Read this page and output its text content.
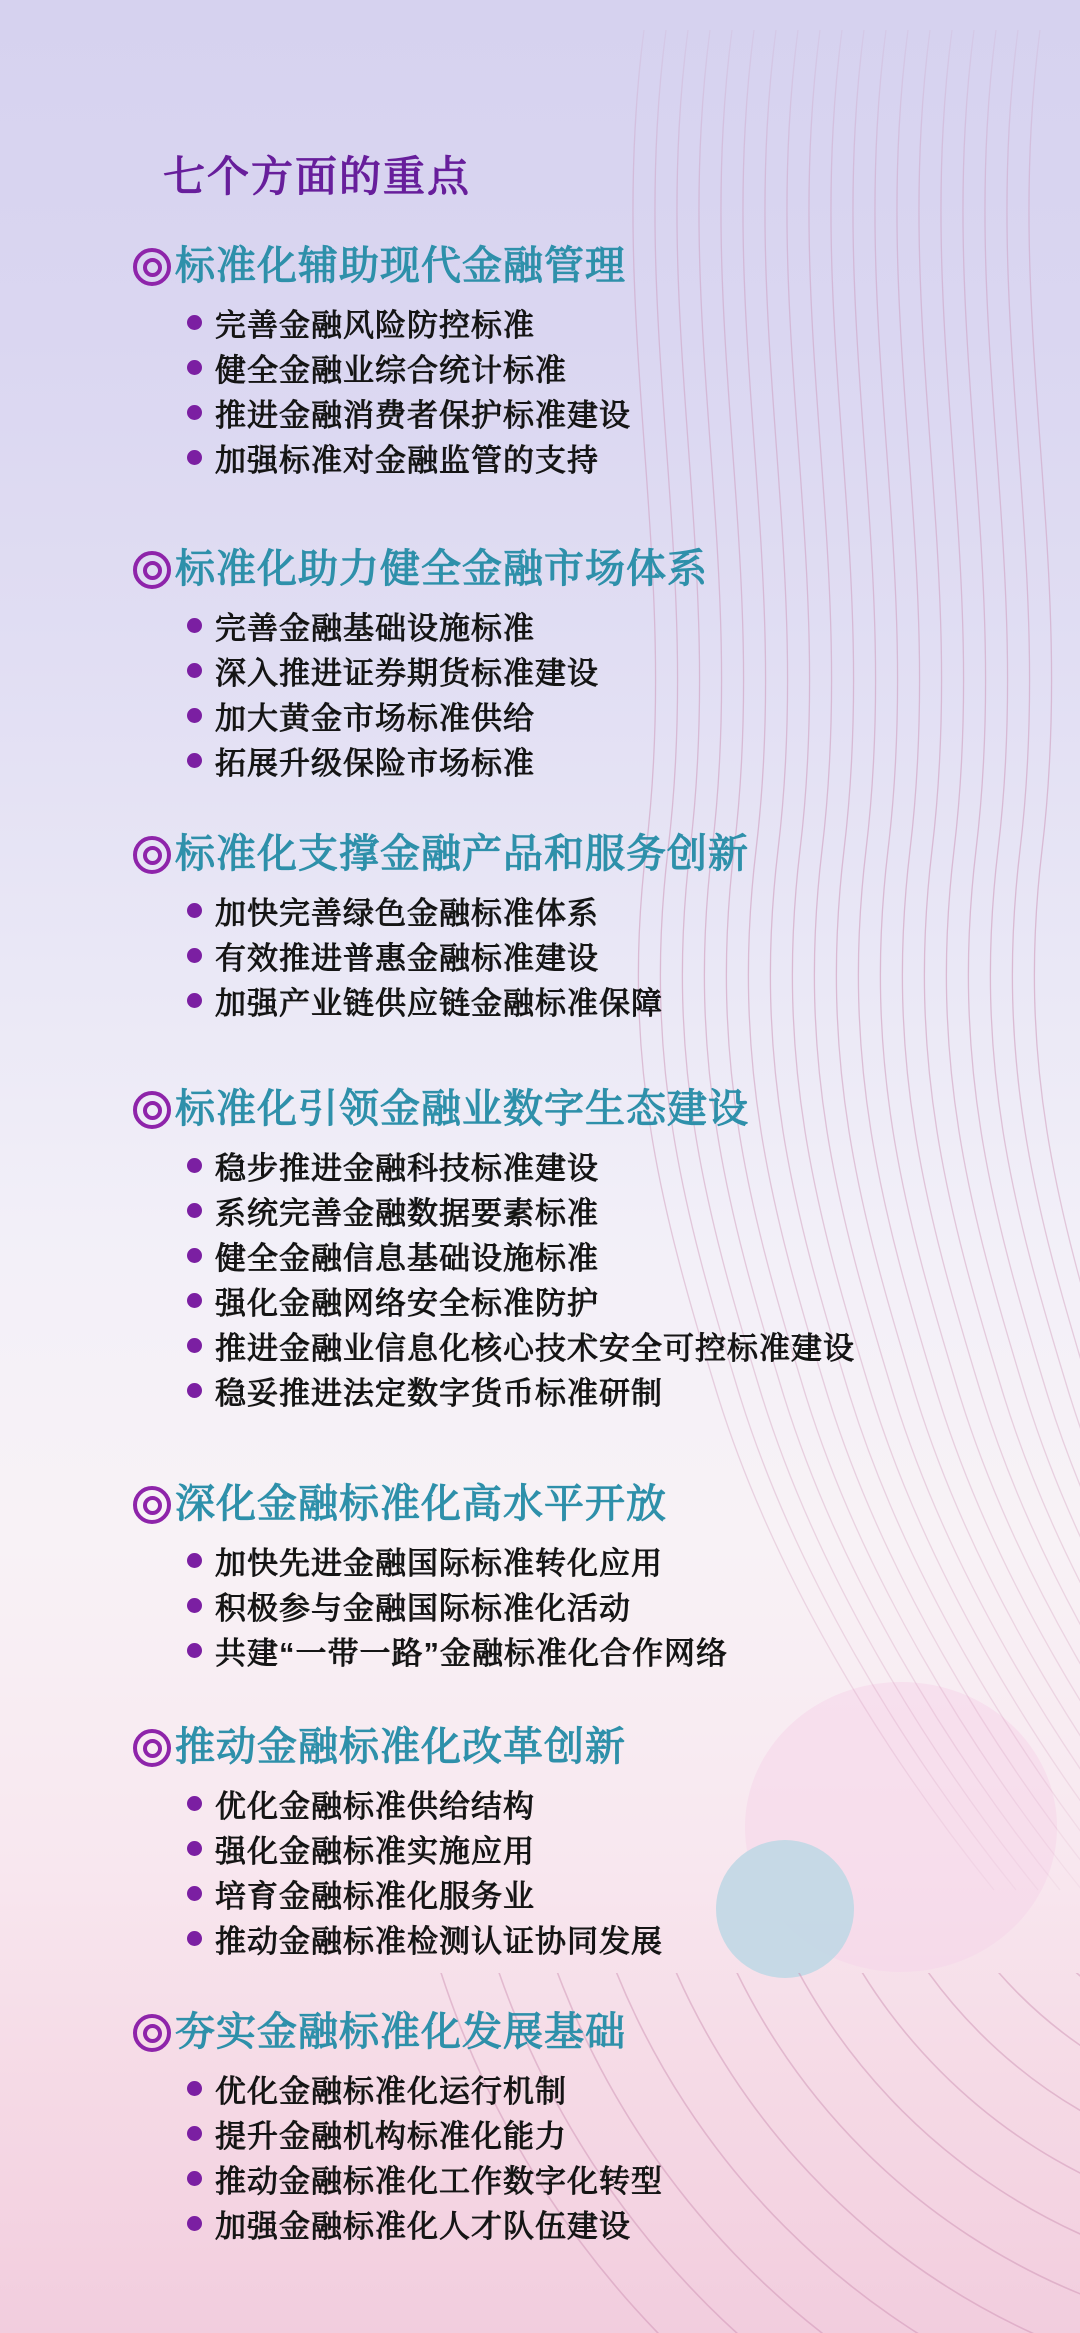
七个方面的重点
标准化辅助现代金融管理
完善金融风险防控标准
健全金融业综合统计标准
推进金融消费者保护标准建设
加强标准对金融监管的支持
标准化助力健全金融市场体系
完善金融基础设施标准
深入推进证券期货标准建设
加大黄金市场标准供给
拓展升级保险市场标准
标准化支撑金融产品和服务创新
加快完善绿色金融标准体系
有效推进普惠金融标准建设
加强产业链供应链金融标准保障
标准化引领金融业数字生态建设
稳步推进金融科技标准建设
系统完善金融数据要素标准
健全金融信息基础设施标准
强化金融网络安全标准防护
推进金融业信息化核心技术安全可控标准建设
稳妥推进法定数字货币标准研制
深化金融标准化高水平开放
加快先进金融国际标准转化应用
积极参与金融国际标准化活动
共建“一带一路”金融标准化合作网络
推动金融标准化改革创新
优化金融标准供给结构
强化金融标准实施应用
培育金融标准化服务业
推动金融标准检测认证协同发展
夯实金融标准化发展基础
优化金融标准化运行机制
提升金融机构标准化能力
推动金融标准化工作数字化转型
加强金融标准化人才队伍建设
